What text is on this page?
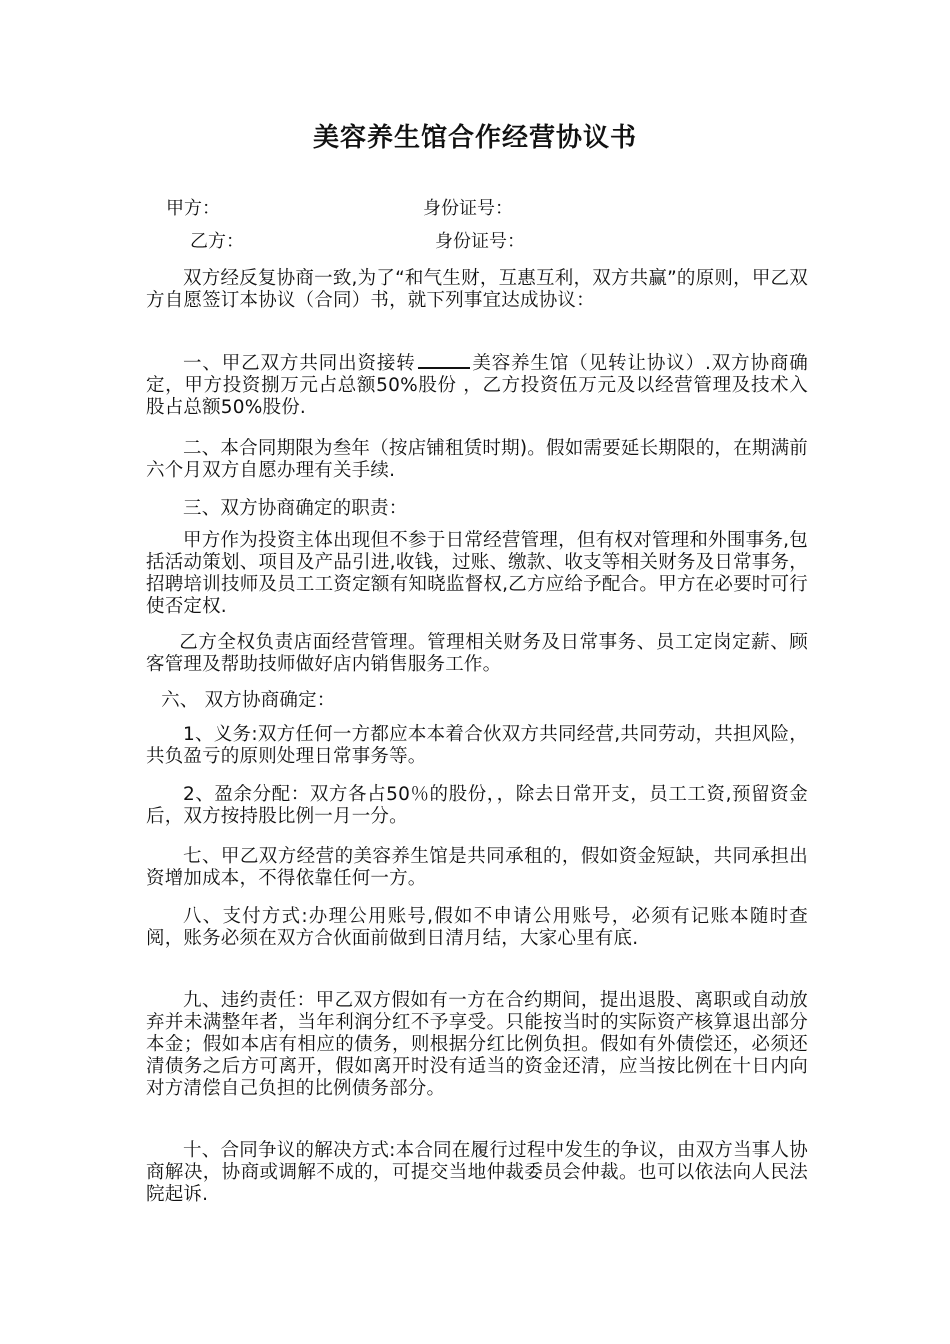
美容养生馆合作经营协议书
甲方：	身份证号：
乙方：	身份证号：
双方经反复协商一致,为了“和气生财，互惠互利，双方共赢”的原则，甲乙双方自愿签订本协议（合同）书，就下列事宜达成协议：
一、甲乙双方共同出资接转	美容养生馆（见转让协议）.双方协商确定，甲方投资捌万元占总额50%股份 ，乙方投资伍万元及以经营管理及技术入股占总额50%股份.
二、本合同期限为叁年（按店铺租赁时期)。假如需要延长期限的，在期满前六个月双方自愿办理有关手续.
三、双方协商确定的职责：
甲方作为投资主体出现但不参于日常经营管理，但有权对管理和外围事务,包括活动策划、项目及产品引进,收钱，过账、缴款、收支等相关财务及日常事务，招聘培训技师及员工工资定额有知晓监督权,乙方应给予配合。甲方在必要时可行使否定权.
乙方全权负责店面经营管理。管理相关财务及日常事务、员工定岗定薪、顾客管理及帮助技师做好店内销售服务工作。
六、 双方协商确定：
1、义务:双方任何一方都应本本着合伙双方共同经营,共同劳动，共担风险，共负盈亏的原则处理日常事务等。
2、盈余分配：双方各占50％的股份，，除去日常开支，员工工资,预留资金后，双方按持股比例一月一分。
七、甲乙双方经营的美容养生馆是共同承租的，假如资金短缺，共同承担出资增加成本，不得依靠任何一方。
八、支付方式:办理公用账号,假如不申请公用账号，必须有记账本随时查阅，账务必须在双方合伙面前做到日清月结，大家心里有底.
九、违约责任：甲乙双方假如有一方在合约期间，提出退股、离职或自动放弃并未满整年者，当年利润分红不予享受。只能按当时的实际资产核算退出部分本金；假如本店有相应的债务，则根据分红比例负担。假如有外债偿还，必须还清债务之后方可离开，假如离开时没有适当的资金还清，应当按比例在十日内向对方清偿自己负担的比例债务部分。
十、合同争议的解决方式:本合同在履行过程中发生的争议，由双方当事人协商解决，协商或调解不成的，可提交当地仲裁委员会仲裁。也可以依法向人民法院起诉.
